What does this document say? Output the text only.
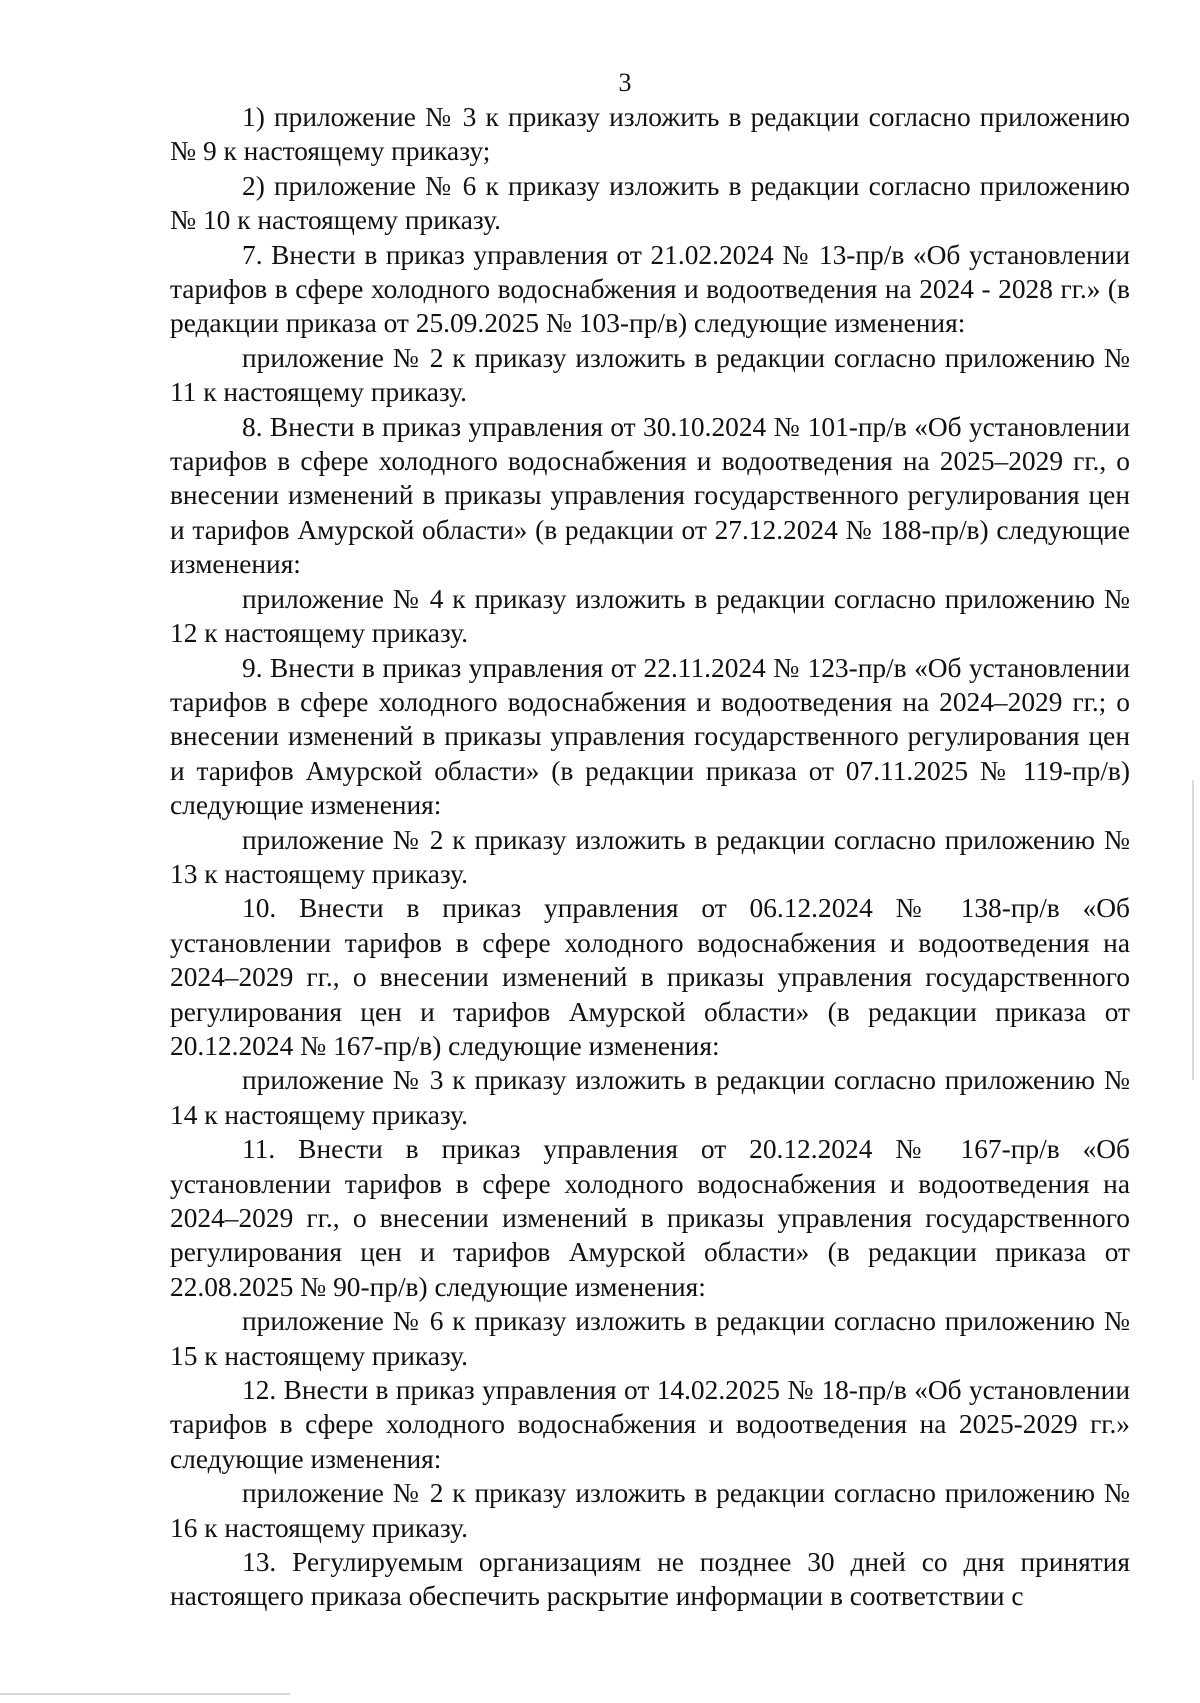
3

1) приложение № 3 к приказу изложить в редакции согласно приложению № 9 к настоящему приказу;

2) приложение № 6 к приказу изложить в редакции согласно приложению № 10 к настоящему приказу.

7. Внести в приказ управления от 21.02.2024 № 13-пр/в «Об установлении тарифов в сфере холодного водоснабжения и водоотведения на 2024 - 2028 гг.» (в редакции приказа от 25.09.2025 № 103-пр/в) следующие изменения:

приложение № 2 к приказу изложить в редакции согласно приложению № 11 к настоящему приказу.

8. Внести в приказ управления от 30.10.2024 № 101-пр/в «Об установлении тарифов в сфере холодного водоснабжения и водоотведения на 2025–2029 гг., о внесении изменений в приказы управления государственного регулирования цен и тарифов Амурской области» (в редакции от 27.12.2024 № 188-пр/в) следующие изменения:

приложение № 4 к приказу изложить в редакции согласно приложению № 12 к настоящему приказу.

9. Внести в приказ управления от 22.11.2024 № 123-пр/в «Об установлении тарифов в сфере холодного водоснабжения и водоотведения на 2024–2029 гг.; о внесении изменений в приказы управления государственного регулирования цен и тарифов Амурской области» (в редакции приказа от 07.11.2025 № 119-пр/в) следующие изменения:

приложение № 2 к приказу изложить в редакции согласно приложению № 13 к настоящему приказу.

10. Внести в приказ управления от 06.12.2024 № 138-пр/в «Об установлении тарифов в сфере холодного водоснабжения и водоотведения на 2024–2029 гг., о внесении изменений в приказы управления государственного регулирования цен и тарифов Амурской области» (в редакции приказа от 20.12.2024 № 167-пр/в) следующие изменения:

приложение № 3 к приказу изложить в редакции согласно приложению № 14 к настоящему приказу.

11. Внести в приказ управления от 20.12.2024 № 167-пр/в «Об установлении тарифов в сфере холодного водоснабжения и водоотведения на 2024–2029 гг., о внесении изменений в приказы управления государственного регулирования цен и тарифов Амурской области» (в редакции приказа от 22.08.2025 № 90-пр/в) следующие изменения:

приложение № 6 к приказу изложить в редакции согласно приложению № 15 к настоящему приказу.

12. Внести в приказ управления от 14.02.2025 № 18-пр/в «Об установлении тарифов в сфере холодного водоснабжения и водоотведения на 2025-2029 гг.» следующие изменения:

приложение № 2 к приказу изложить в редакции согласно приложению № 16 к настоящему приказу.

13. Регулируемым организациям не позднее 30 дней со дня принятия настоящего приказа обеспечить раскрытие информации в соответствии с
